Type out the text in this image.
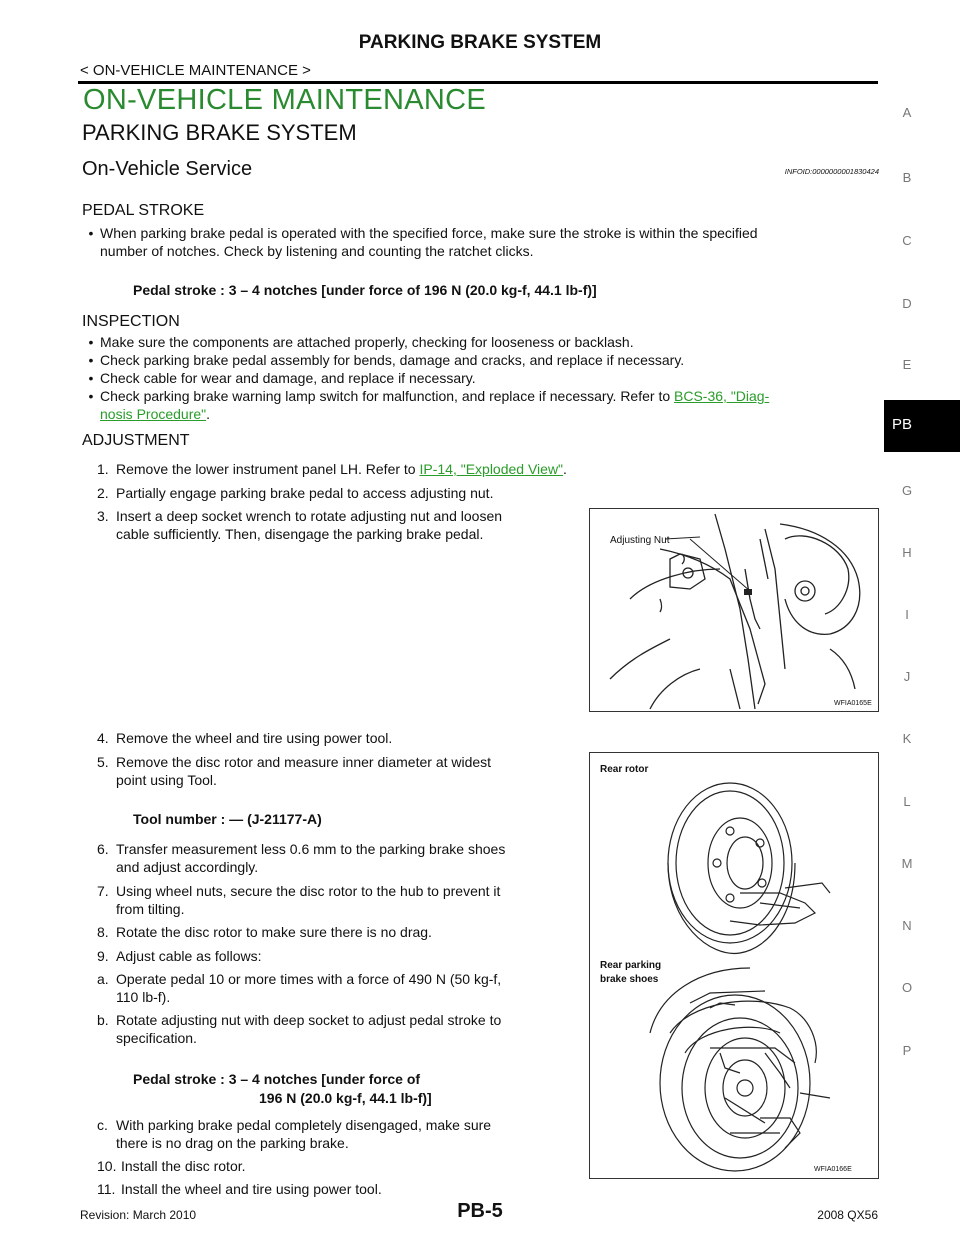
PARKING BRAKE SYSTEM
< ON-VEHICLE MAINTENANCE >
ON-VEHICLE MAINTENANCE
PARKING BRAKE SYSTEM
On-Vehicle Service	INFOID:0000000001830424
PEDAL STROKE
• When parking brake pedal is operated with the specified force, make sure the stroke is within the specified
number of notches. Check by listening and counting the ratchet clicks.
Pedal stroke : 3 – 4 notches [under force of 196 N (20.0 kg-f, 44.1 lb-f)]
INSPECTION
• Make sure the components are attached properly, checking for looseness or backlash.
• Check parking brake pedal assembly for bends, damage and cracks, and replace if necessary.
• Check cable for wear and damage, and replace if necessary.
• Check parking brake warning lamp switch for malfunction, and replace if necessary. Refer to BCS-36, "Diag-
nosis Procedure".
ADJUSTMENT
1. Remove the lower instrument panel LH. Refer to IP-14, "Exploded View".
2. Partially engage parking brake pedal to access adjusting nut.
3. Insert a deep socket wrench to rotate adjusting nut and loosen
cable sufficiently. Then, disengage the parking brake pedal.	Adjusting Nut
WFIA0165E
4. Remove the wheel and tire using power tool.
5. Remove the disc rotor and measure inner diameter at widest
point using Tool.
Tool number : — (J-21177-A)
6. Transfer measurement less 0.6 mm to the parking brake shoes
and adjust accordingly.
7. Using wheel nuts, secure the disc rotor to the hub to prevent it
from tilting.
8. Rotate the disc rotor to make sure there is no drag.
9. Adjust cable as follows:
a. Operate pedal 10 or more times with a force of 490 N (50 kg-f,
110 lb-f).
b. Rotate adjusting nut with deep socket to adjust pedal stroke to
specification.
Pedal stroke : 3 – 4 notches [under force of
196 N (20.0 kg-f, 44.1 lb-f)]
c. With parking brake pedal completely disengaged, make sure
there is no drag on the parking brake.
10. Install the disc rotor.
11. Install the wheel and tire using power tool.
Rear rotor
Rear parking
brake shoes
WFIA0166E
A
B
C
D
E
PB
G
H
I
J
K
L
M
N
O
P
Revision: March 2010	PB-5	2008 QX56
